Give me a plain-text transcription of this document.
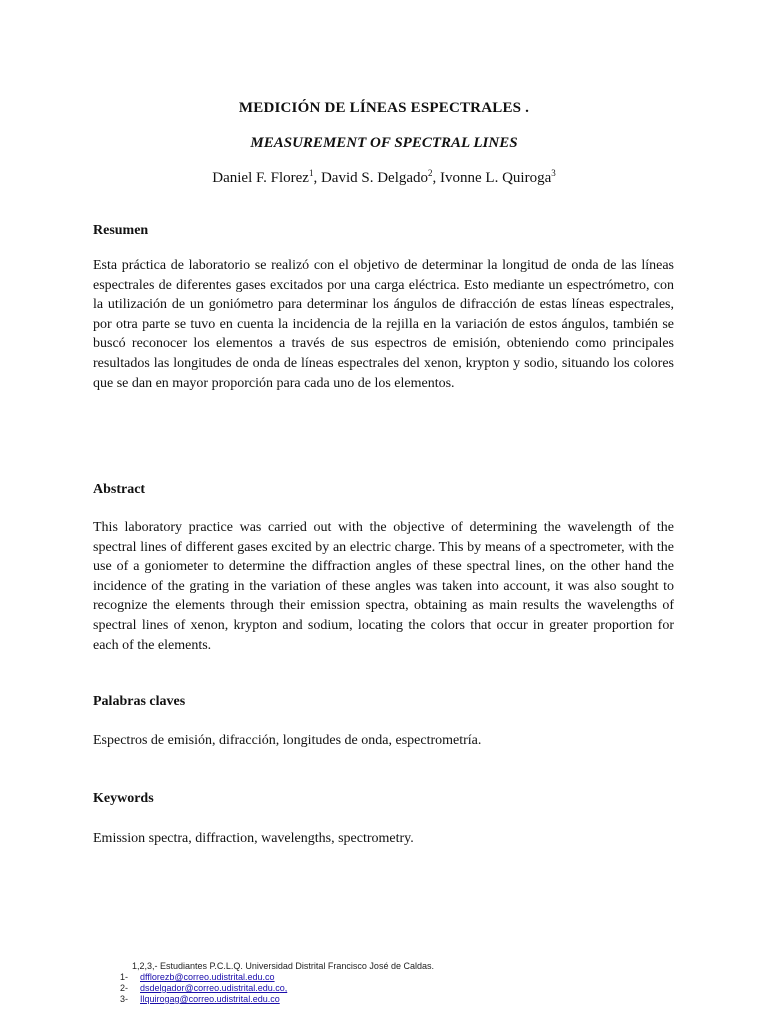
MEDICIÓN DE LÍNEAS ESPECTRALES .
MEASUREMENT OF SPECTRAL LINES
Daniel F. Florez$^1$, David S. Delgado$^2$, Ivonne L. Quiroga$^3$
Resumen

Esta práctica de laboratorio se realizó con el objetivo de determinar la longitud de onda de las líneas espectrales de diferentes gases excitados por una carga eléctrica. Esto mediante un espectrómetro, con la utilización de un goniómetro para determinar los ángulos de difracción de estas líneas espectrales, por otra parte se tuvo en cuenta la incidencia de la rejilla en la variación de estos ángulos, también se buscó reconocer los elementos a través de sus espectros de emisión, obteniendo como principales resultados las longitudes de onda de líneas espectrales del xenon, krypton y sodio, situando los colores que se dan en mayor proporción para cada uno de los elementos.

Abstract

This laboratory practice was carried out with the objective of determining the wavelength of the spectral lines of different gases excited by an electric charge. This by means of a spectrometer, with the use of a goniometer to determine the diffraction angles of these spectral lines, on the other hand the incidence of the grating in the variation of these angles was taken into account, it was also sought to recognize the elements through their emission spectra, obtaining as main results the wavelengths of spectral lines of xenon, krypton and sodium, locating the colors that occur in greater proportion for each of the elements.

Palabras claves

Espectros de emisión, difracción, longitudes de onda, espectrometría.

Keywords

Emission spectra, diffraction, wavelengths, spectrometry.

1,2,3,- Estudiantes P.C.L.Q. Universidad Distrital Francisco José de Caldas.
1-	dfflorezb@correo.udistrital.edu.co
2-	dsdelgador@correo.udistrital.edu.co,
3-	Ilquirogag@correo.udistrital.edu.co
